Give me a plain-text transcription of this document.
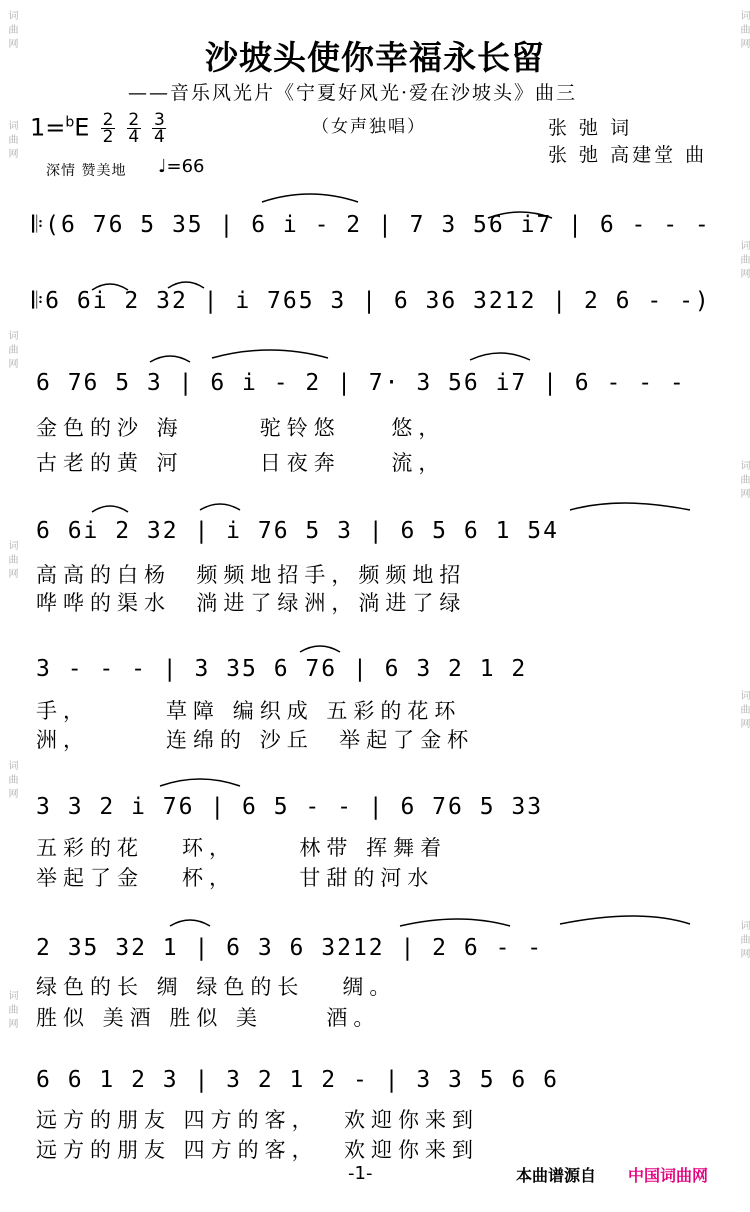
词曲网
词曲网
词曲网
词曲网
词曲网
词曲网
词曲网
词曲网
词曲网
词曲网
词曲网
沙坡头使你幸福永长留
——音乐风光片《宁夏好风光·爱在沙坡头》曲三
（女声独唱）	张 弛 词
张 弛 高建堂 曲
$1=^bE \frac{2}{2}$
$\frac{2}{4}$
$\frac{3}{4}$
深情 赞美地 ♩=66
𝄆(6 76 5 35 | 6 i - 2 | 7 3 56 i7 | 6 - - -
𝄆6 6i 2 32 | i 765 3 | 6 36 3212 | 2 6 - -)
6 76 5 3 | 6 i - 2 | 7· 3 56 i7 | 6 - - -
金色的沙 海      驼铃悠    悠，
古老的黄 河      日夜奔    流，
6 6i 2 32 | i 76 5 3 | 6 5 6 1 54
高高的白杨  频频地招手，频频地招
哗哗的渠水  淌进了绿洲，淌进了绿
3 - - - | 3 35 6 76 | 6 3 2 1 2
手，      草障 编织成 五彩的花环
洲，      连绵的 沙丘  举起了金杯
3 3 2 i 76 | 6 5 - - | 6 76 5 33
五彩的花   环，     林带 挥舞着
举起了金   杯，     甘甜的河水
2 35 32 1 | 6 3 6 3212 | 2 6 - -
绿色的长 绸 绿色的长   绸。
胜似 美酒 胜似 美     酒。
6 6 1 2 3 | 3 2 1 2 - | 3 3 5 6 6
远方的朋友 四方的客，  欢迎你来到
远方的朋友 四方的客，  欢迎你来到
-1-	本曲谱源自 中国词曲网
